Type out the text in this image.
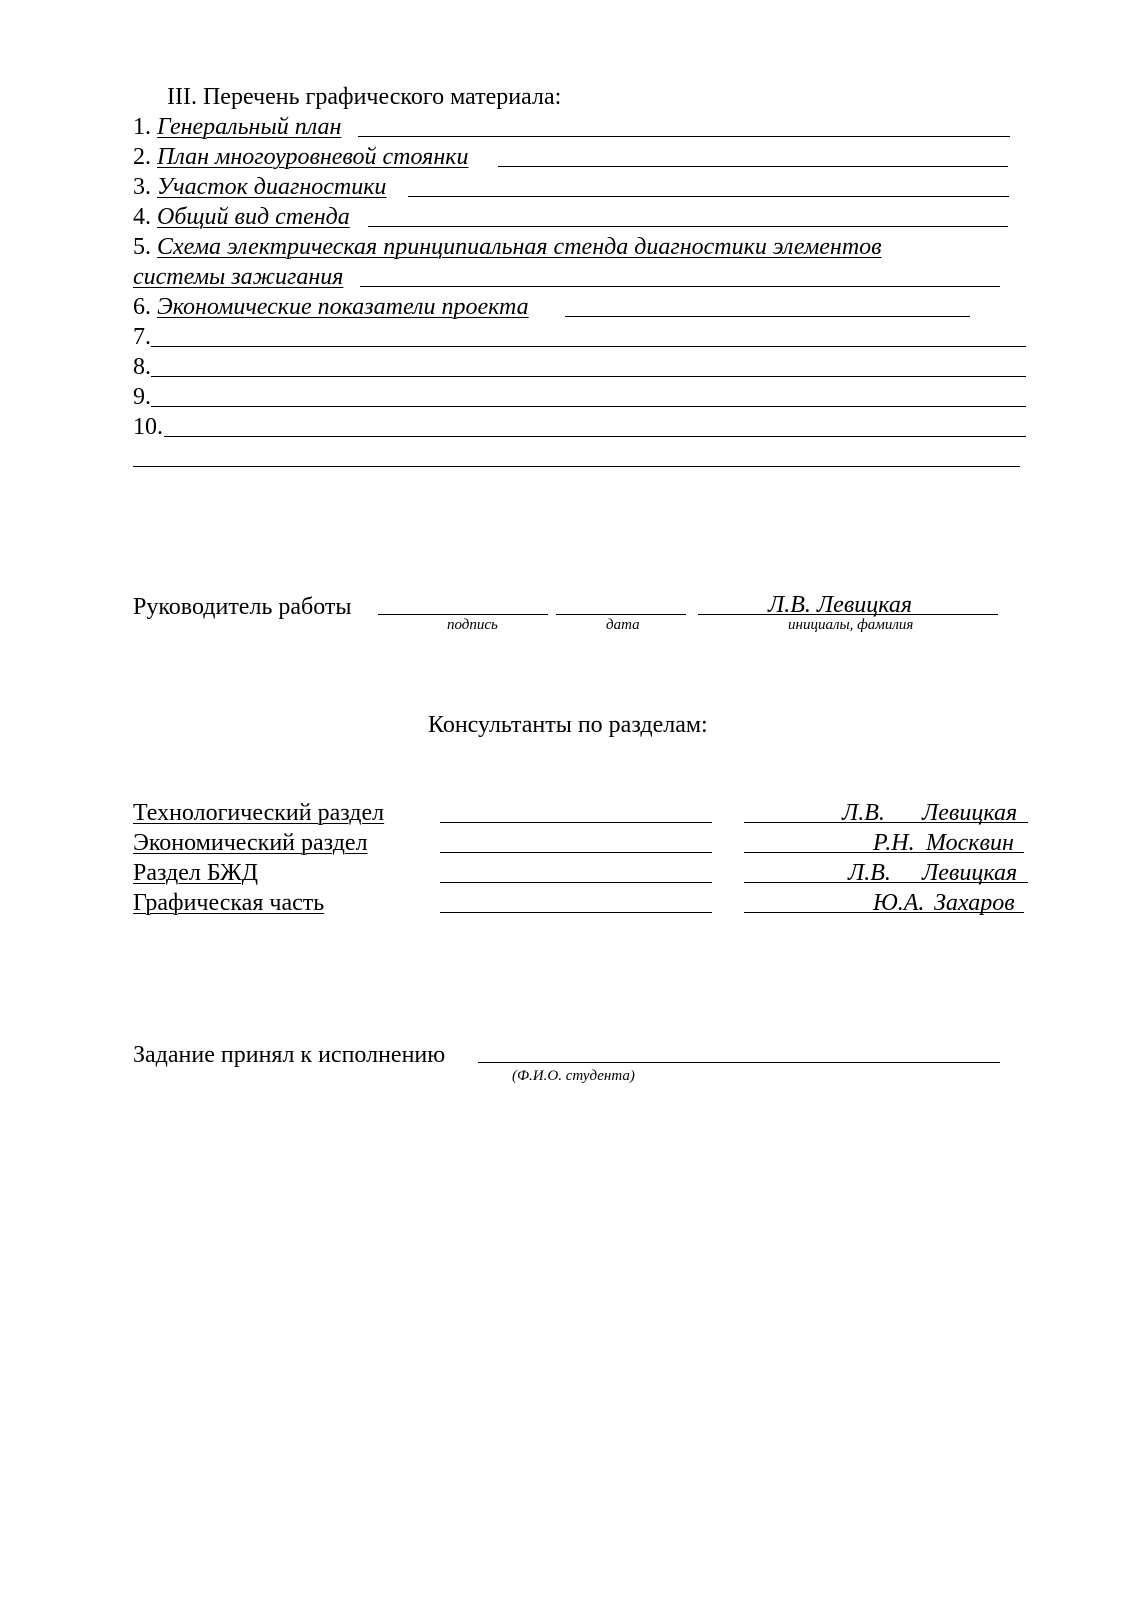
III. Перечень графического материала:
1. Генеральный план
2. План многоуровневой стоянки
3. Участок диагностики
4. Общий вид стенда
5. Схема электрическая принципиальная стенда диагностики элементов
системы зажигания
6. Экономические показатели проекта
7.
8.
9.
10.
Руководитель работы	Л.В. Левицкая
подпись	дата	инициалы, фамилия
Консультанты по разделам:
Технологический раздел	Л.В. Левицкая
Экономический раздел	Р.Н. Москвин
Раздел БЖД	Л.В. Левицкая
Графическая часть	Ю.А. Захаров
Задание принял к исполнению
(Ф.И.О. студента)
